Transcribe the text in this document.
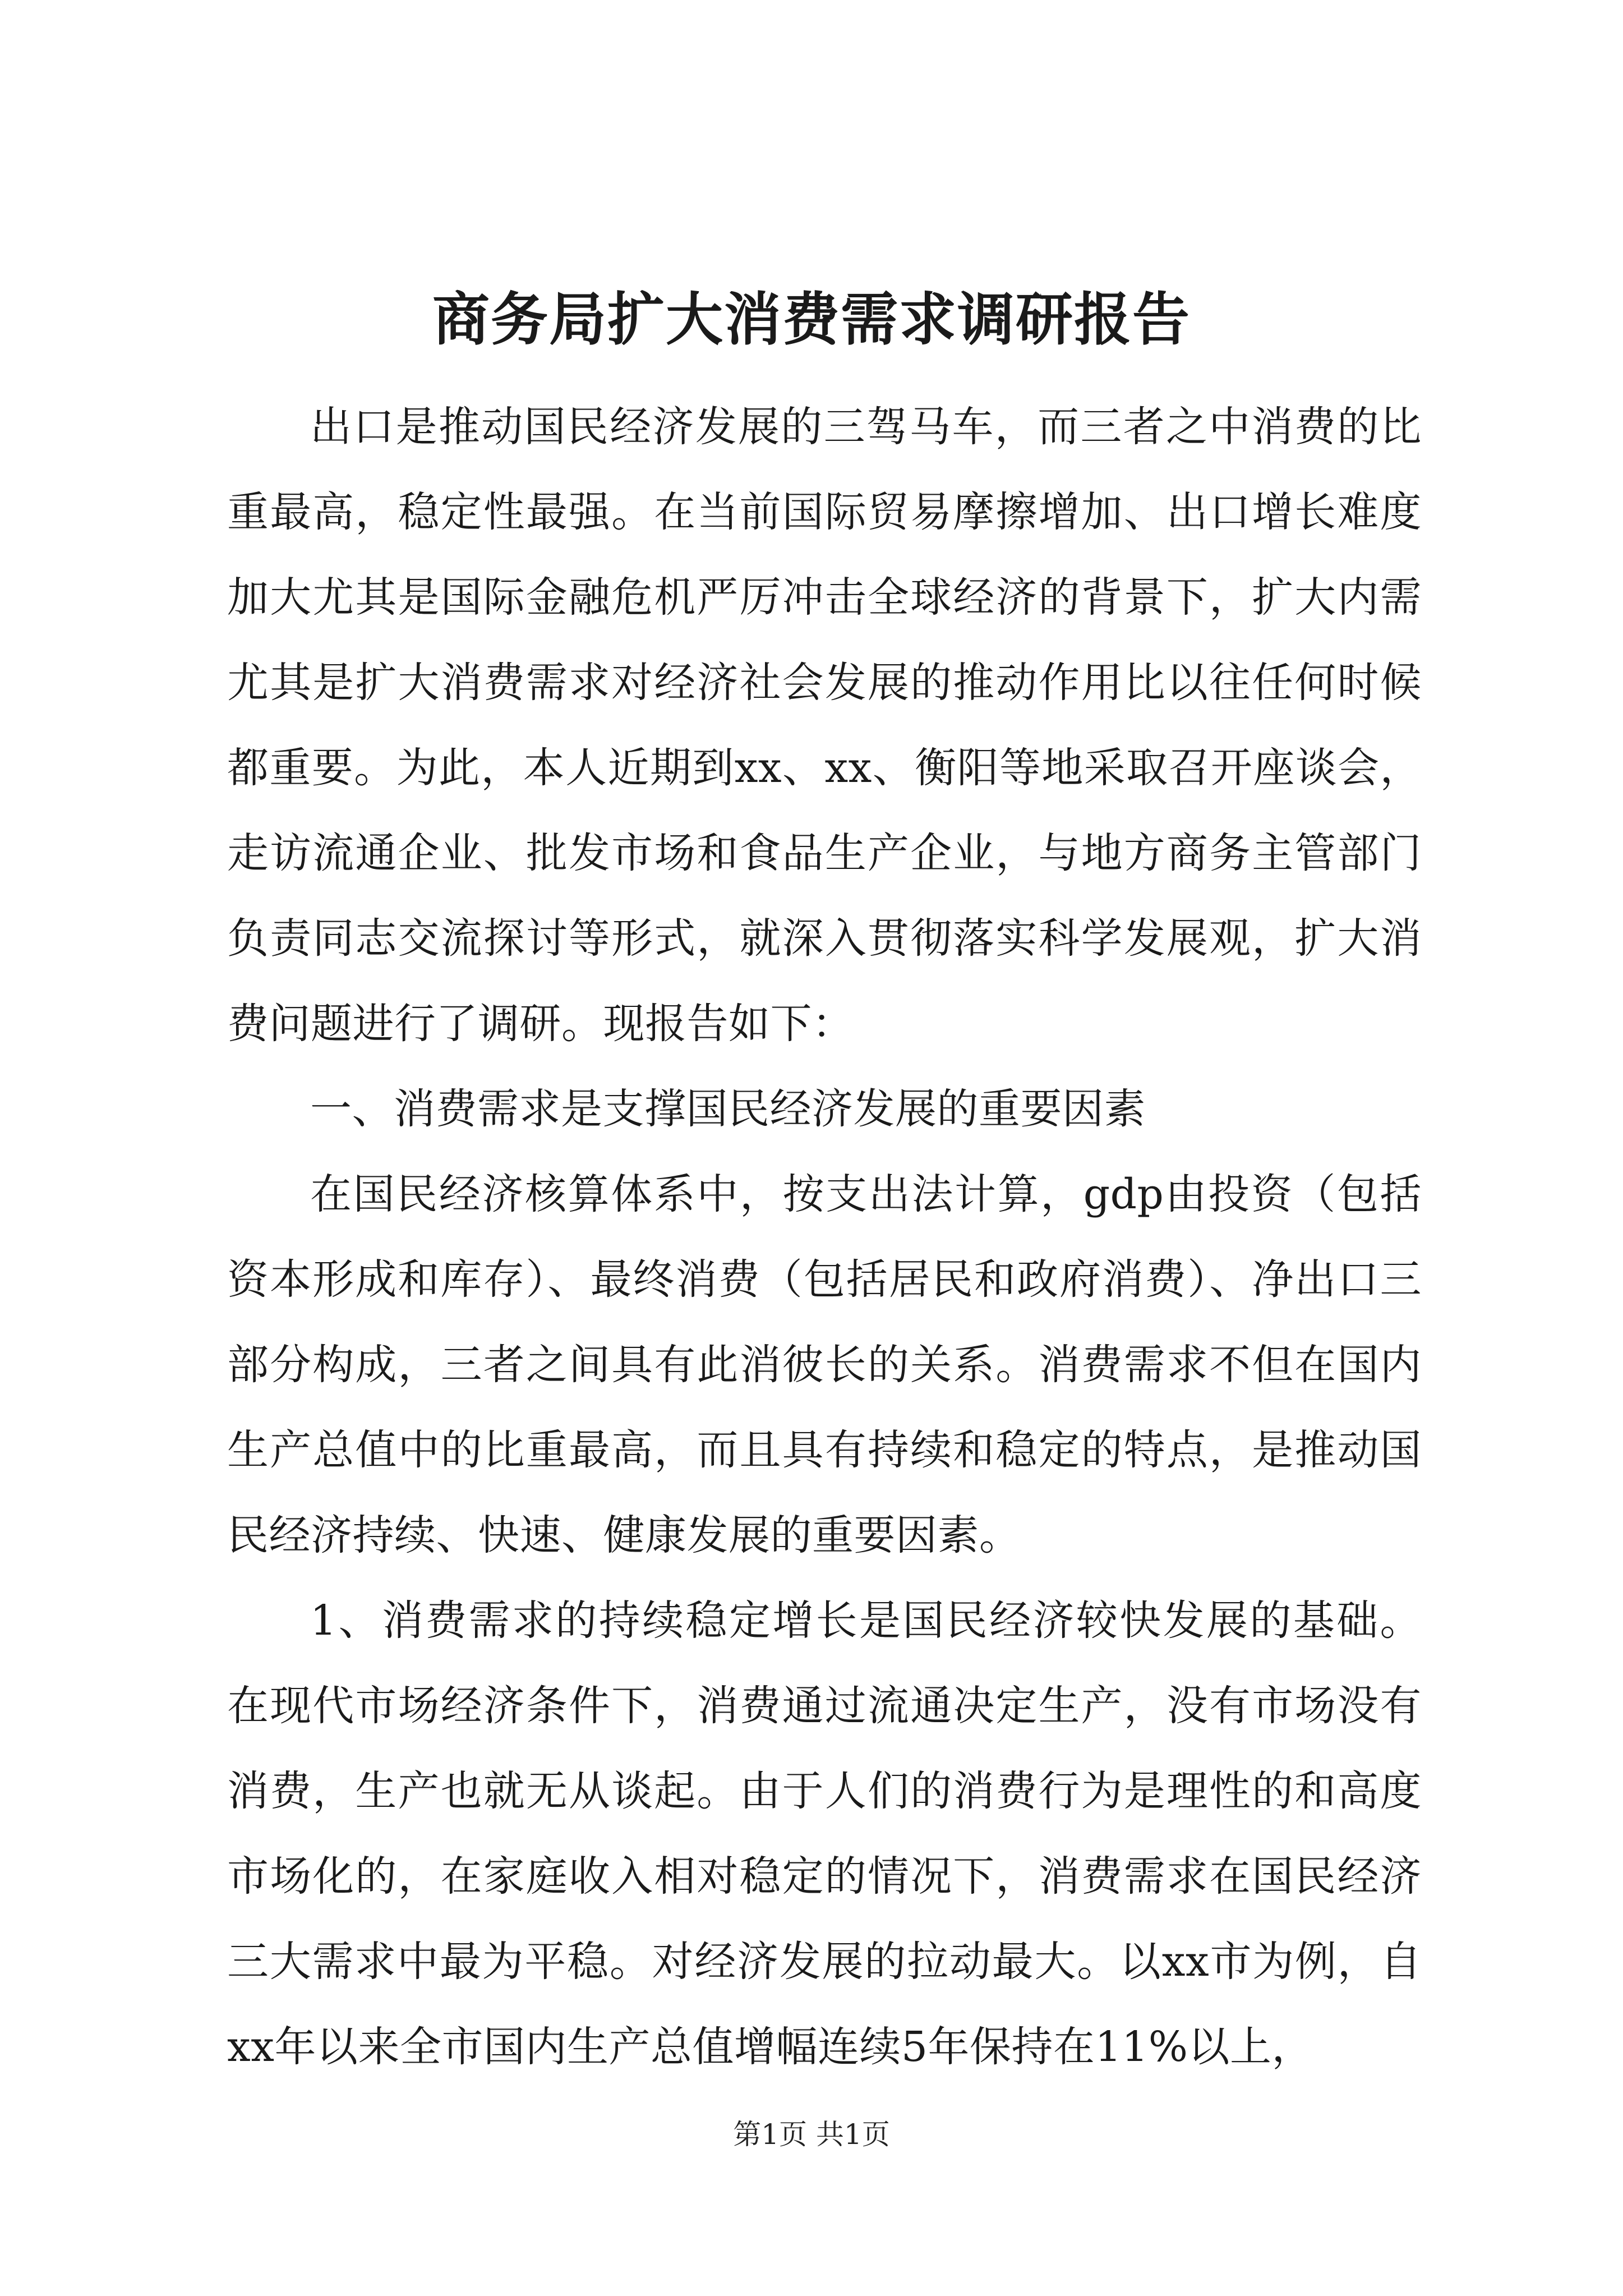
商务局扩大消费需求调研报告

出口是推动国民经济发展的三驾马车，而三者之中消费的比重最高，稳定性最强。在当前国际贸易摩擦增加、出口增长难度加大尤其是国际金融危机严厉冲击全球经济的背景下，扩大内需尤其是扩大消费需求对经济社会发展的推动作用比以往任何时候都重要。为此，本人近期到xx、xx、衡阳等地采取召开座谈会，走访流通企业、批发市场和食品生产企业，与地方商务主管部门负责同志交流探讨等形式，就深入贯彻落实科学发展观，扩大消费问题进行了调研。现报告如下：

一、消费需求是支撑国民经济发展的重要因素

在国民经济核算体系中，按支出法计算，gdp由投资（包括资本形成和库存）、最终消费（包括居民和政府消费）、净出口三部分构成，三者之间具有此消彼长的关系。消费需求不但在国内生产总值中的比重最高，而且具有持续和稳定的特点，是推动国民经济持续、快速、健康发展的重要因素。

1、消费需求的持续稳定增长是国民经济较快发展的基础。在现代市场经济条件下，消费通过流通决定生产，没有市场没有消费，生产也就无从谈起。由于人们的消费行为是理性的和高度市场化的，在家庭收入相对稳定的情况下，消费需求在国民经济三大需求中最为平稳。对经济发展的拉动最大。以xx市为例，自xx年以来全市国内生产总值增幅连续5年保持在11%以上，

第1页 共1页
